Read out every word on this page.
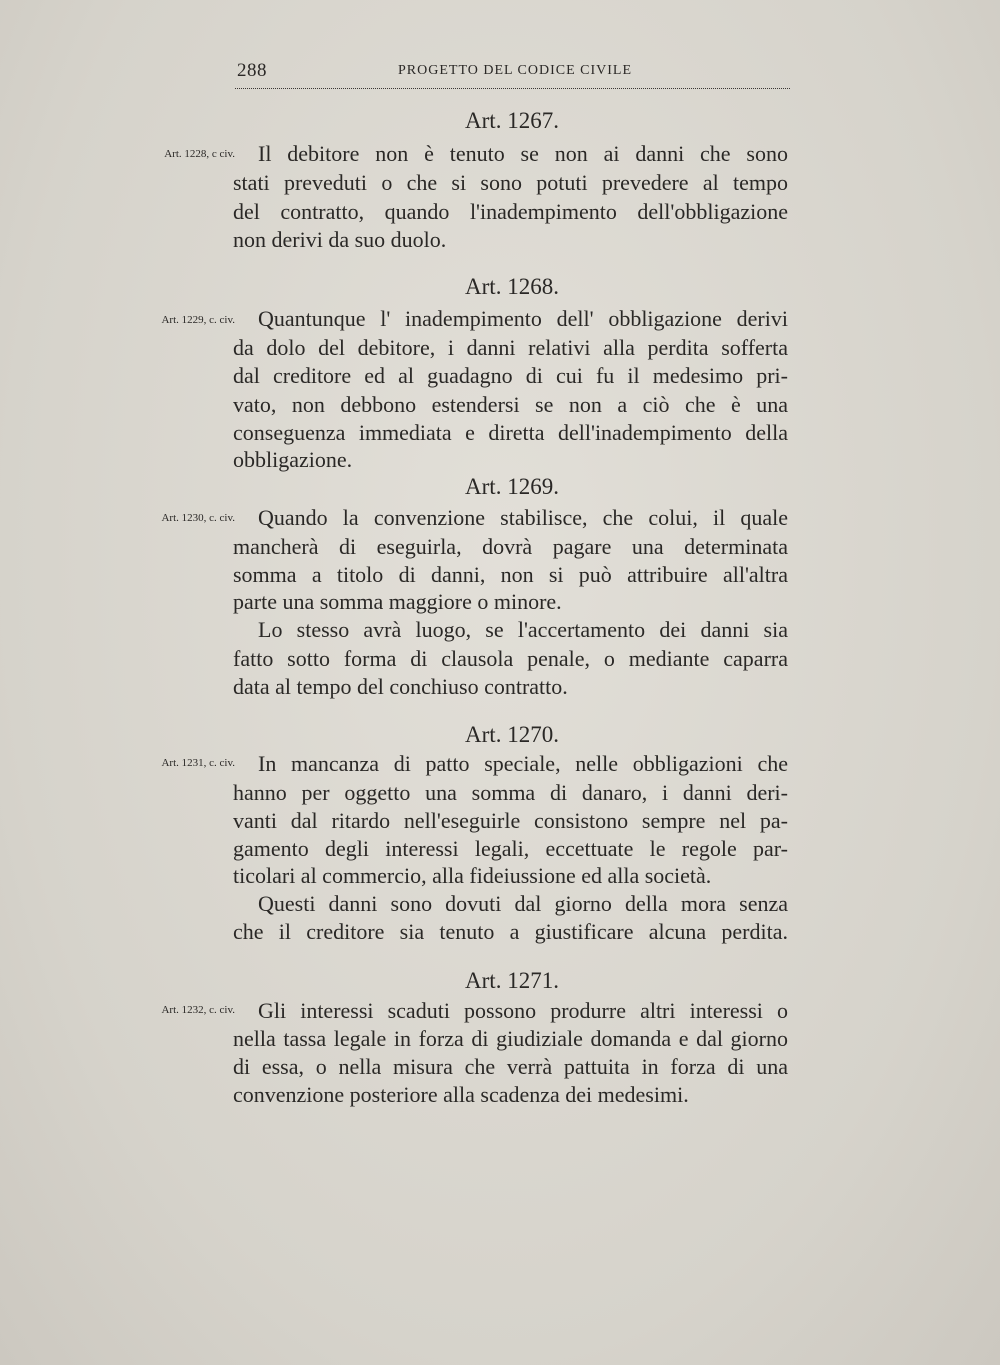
288	PROGETTO DEL CODICE CIVILE
Art. 1267.
Art. 1228, c civ. Il debitore non è tenuto se non ai danni che sono
stati preveduti o che si sono potuti prevedere al tempo
del contratto, quando l'inadempimento dell'obbligazione
non derivi da suo duolo.
Art. 1268.
Art. 1229, c. civ. Quantunque l' inadempimento dell' obbligazione derivi
da dolo del debitore, i danni relativi alla perdita sofferta
dal creditore ed al guadagno di cui fu il medesimo pri-
vato, non debbono estendersi se non a ciò che è una
conseguenza immediata e diretta dell'inadempimento della
obbligazione.
Art. 1269.
Art. 1230, c. civ. Quando la convenzione stabilisce, che colui, il quale
mancherà di eseguirla, dovrà pagare una determinata
somma a titolo di danni, non si può attribuire all'altra
parte una somma maggiore o minore.
Lo stesso avrà luogo, se l'accertamento dei danni sia
fatto sotto forma di clausola penale, o mediante caparra
data al tempo del conchiuso contratto.
Art. 1270.
Art. 1231, c. civ. In mancanza di patto speciale, nelle obbligazioni che
hanno per oggetto una somma di danaro, i danni deri-
vanti dal ritardo nell'eseguirle consistono sempre nel pa-
gamento degli interessi legali, eccettuate le regole par-
ticolari al commercio, alla fideiussione ed alla società.
Questi danni sono dovuti dal giorno della mora senza
che il creditore sia tenuto a giustificare alcuna perdita.
Art. 1271.
Art. 1232, c. civ. Gli interessi scaduti possono produrre altri interessi o
nella tassa legale in forza di giudiziale domanda e dal giorno
di essa, o nella misura che verrà pattuita in forza di una
convenzione posteriore alla scadenza dei medesimi.
